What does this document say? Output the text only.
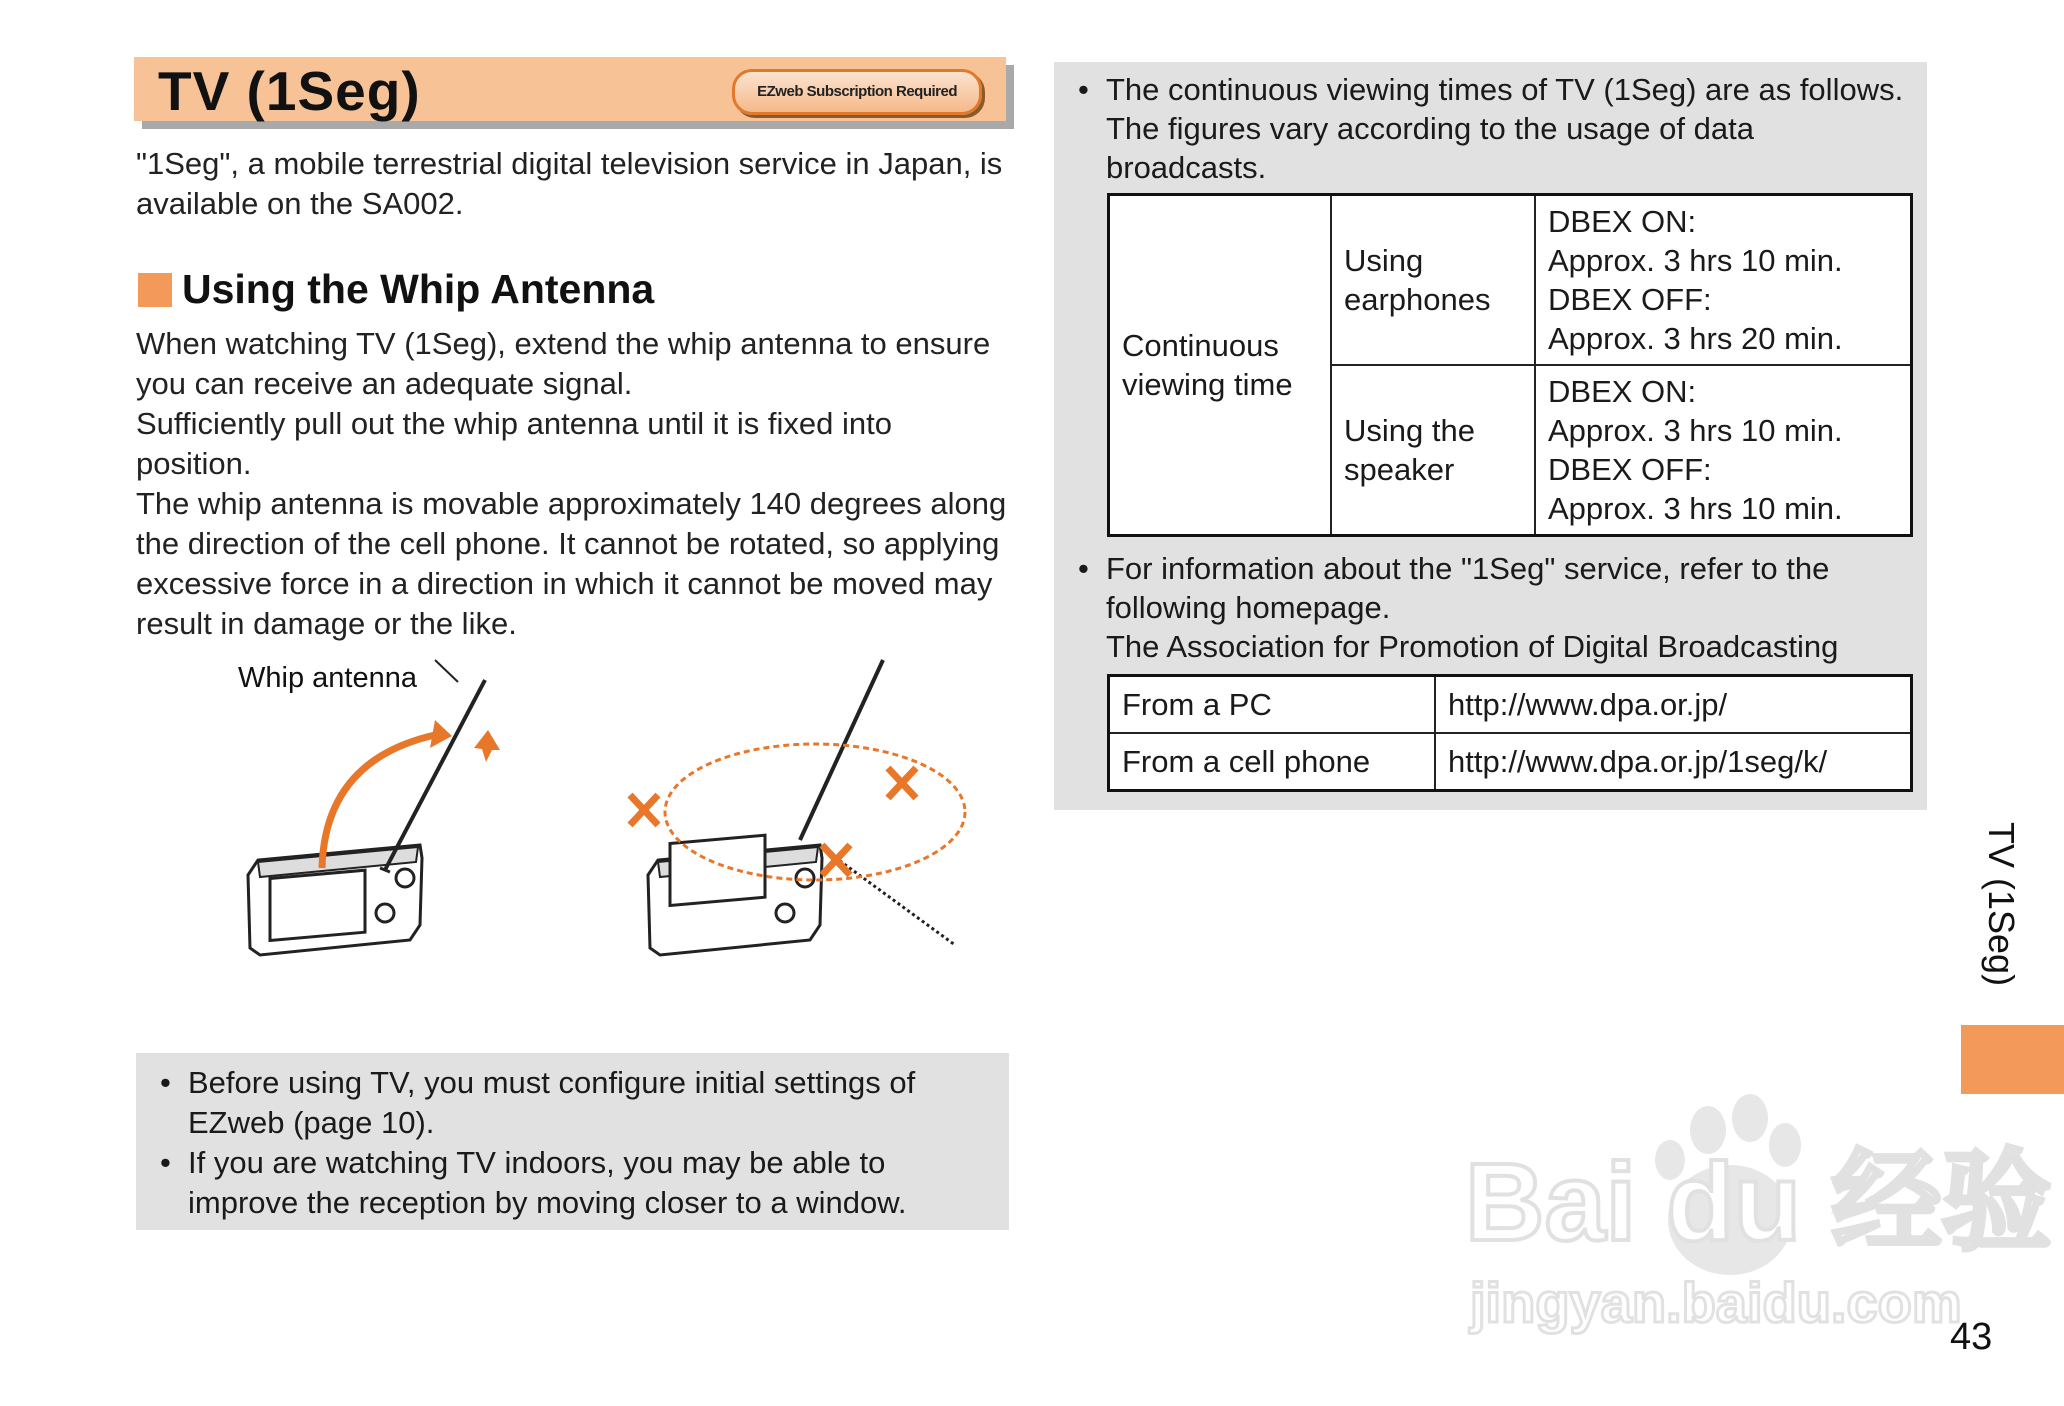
TV (1Seg)	EZweb Subscription Required
"1Seg", a mobile terrestrial digital television service in Japan, is available on the SA002.
Using the Whip Antenna
When watching TV (1Seg), extend the whip antenna to ensure you can receive an adequate signal.
Sufficiently pull out the whip antenna until it is fixed into position.
The whip antenna is movable approximately 140 degrees along the direction of the cell phone. It cannot be rotated, so applying excessive force in a direction in which it cannot be moved may result in damage or the like.
Whip antenna
• Before using TV, you must configure initial settings of EZweb (page 10).
• If you are watching TV indoors, you may be able to improve the reception by moving closer to a window.
• The continuous viewing times of TV (1Seg) are as follows. The figures vary according to the usage of data broadcasts.
Continuous viewing time	Using earphones	DBEX ON:
Approx. 3 hrs 10 min.
DBEX OFF:
Approx. 3 hrs 20 min.

	Using the speaker	DBEX ON:
Approx. 3 hrs 10 min.
DBEX OFF:
Approx. 3 hrs 10 min.
• For information about the "1Seg" service, refer to the following homepage.
The Association for Promotion of Digital Broadcasting
From a PC	http://www.dpa.or.jp/
From a cell phone	http://www.dpa.or.jp/1seg/k/
TV (1Seg)
Bai du 经验
jingyan.baidu.com
43
